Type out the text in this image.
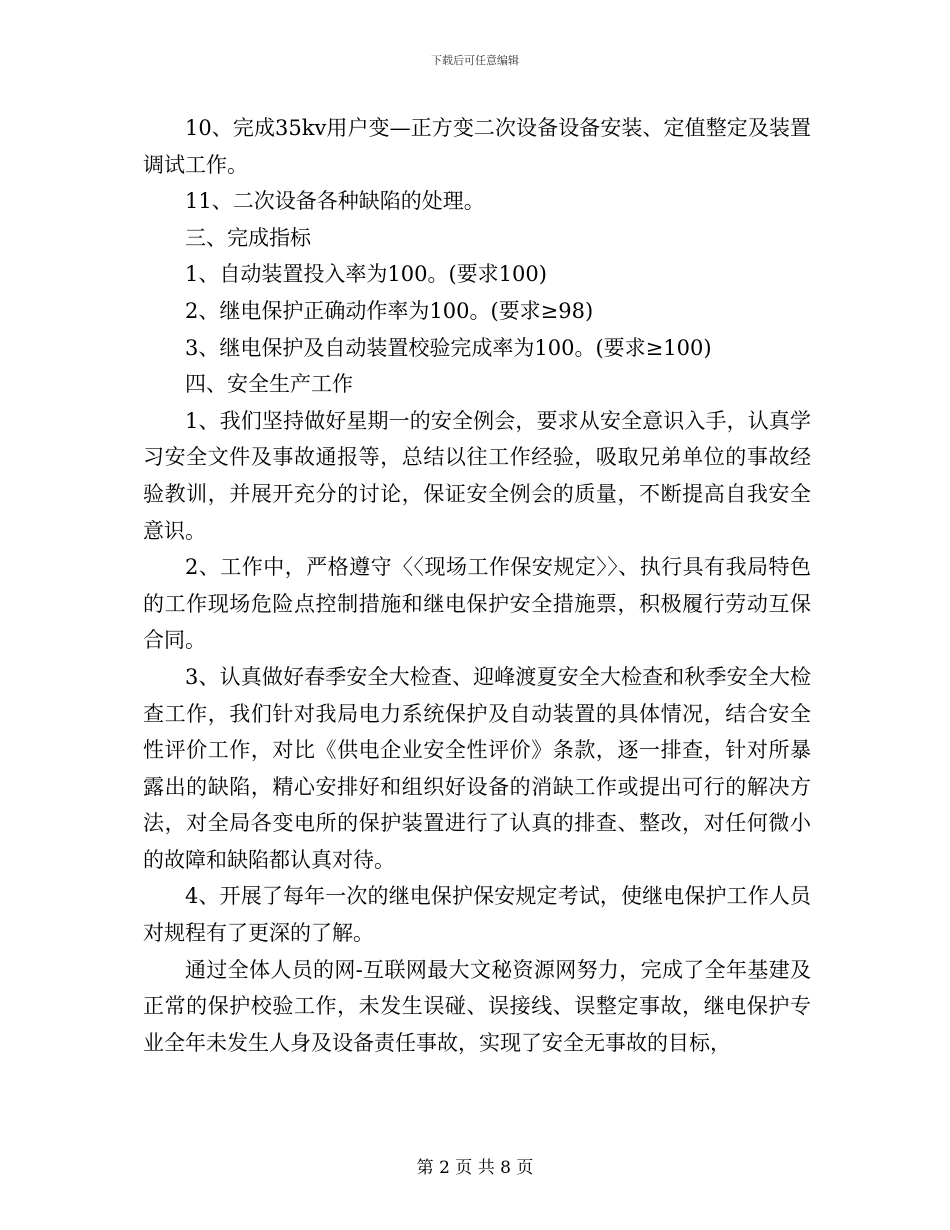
下载后可任意编辑

10、完成35kv用户变—正方变二次设备设备安装、定值整定及装置调试工作。

11、二次设备各种缺陷的处理。

三、完成指标

1、自动装置投入率为100。(要求100)

2、继电保护正确动作率为100。(要求≥98)

3、继电保护及自动装置校验完成率为100。(要求≥100)

四、安全生产工作

1、我们坚持做好星期一的安全例会，要求从安全意识入手，认真学习安全文件及事故通报等，总结以往工作经验，吸取兄弟单位的事故经验教训，并展开充分的讨论，保证安全例会的质量，不断提高自我安全意识。

2、工作中，严格遵守〈〈现场工作保安规定〉〉、执行具有我局特色的工作现场危险点控制措施和继电保护安全措施票，积极履行劳动互保合同。

3、认真做好春季安全大检查、迎峰渡夏安全大检查和秋季安全大检查工作，我们针对我局电力系统保护及自动装置的具体情况，结合安全性评价工作，对比《供电企业安全性评价》条款，逐一排查，针对所暴露出的缺陷，精心安排好和组织好设备的消缺工作或提出可行的解决方法，对全局各变电所的保护装置进行了认真的排查、整改，对任何微小的故障和缺陷都认真对待。

4、开展了每年一次的继电保护保安规定考试，使继电保护工作人员对规程有了更深的了解。

通过全体人员的网-互联网最大文秘资源网努力，完成了全年基建及正常的保护校验工作，未发生误碰、误接线、误整定事故，继电保护专业全年未发生人身及设备责任事故，实现了安全无事故的目标，

第 2 页 共 8 页
